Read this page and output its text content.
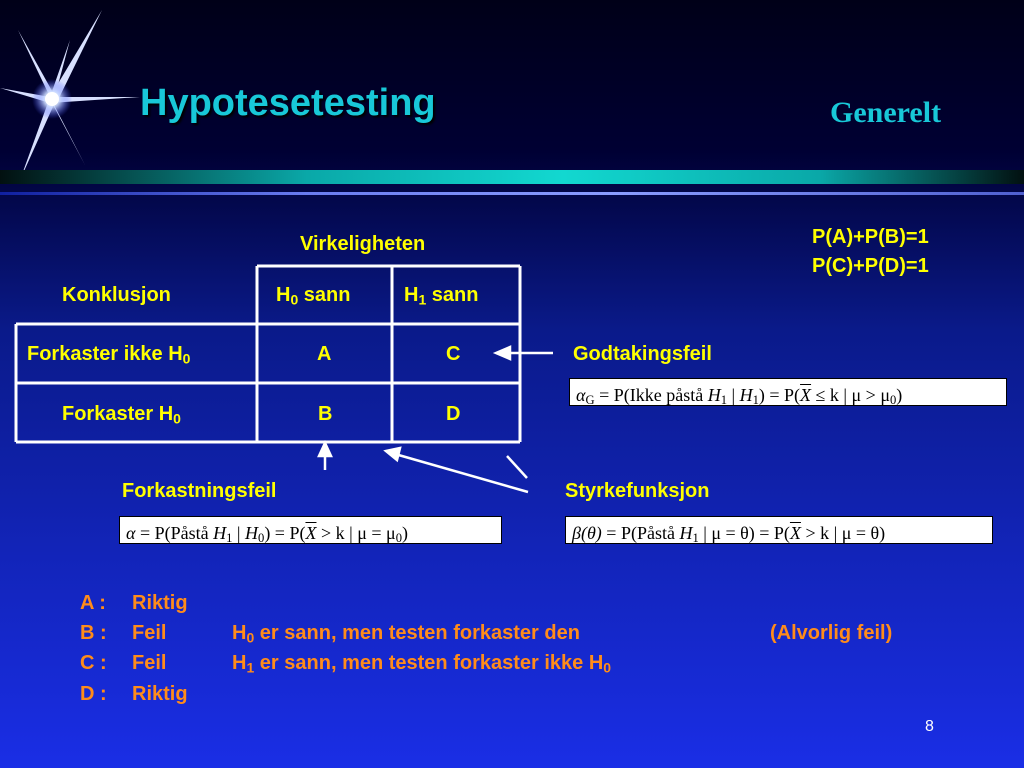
Hypotesetesting	Generelt
P(A)+P(B)=1
P(C)+P(D)=1
Virkeligheten
Konklusjon	$H_0$ sann	$H_1$ sann
Forkaster ikke $H_0$	A	C
Forkaster $H_0$	B	D
Godtakingsfeil
Forkastningsfeil	Styrkefunksjon
$\alpha_G$ = P(Ikke påstå $H_1$ | $H_1) = P(\overline{X} \le k$ | $\mu > \mu_0$)
α = P(Påstå $H_1$ | $H_0) = P(\overline{X} > k$ | $\mu = \mu_0$)	β(θ) = P(Påstå $H_1$ | $\mu = \theta) = P(\overline{X} > k$ | μ = θ)
A : Riktig
B : Feil	$H_0$ er sann, men testen forkaster den	(Alvorlig feil)
C : Feil	$H_1$ er sann, men testen forkaster ikke $H_0$
D : Riktig
8
